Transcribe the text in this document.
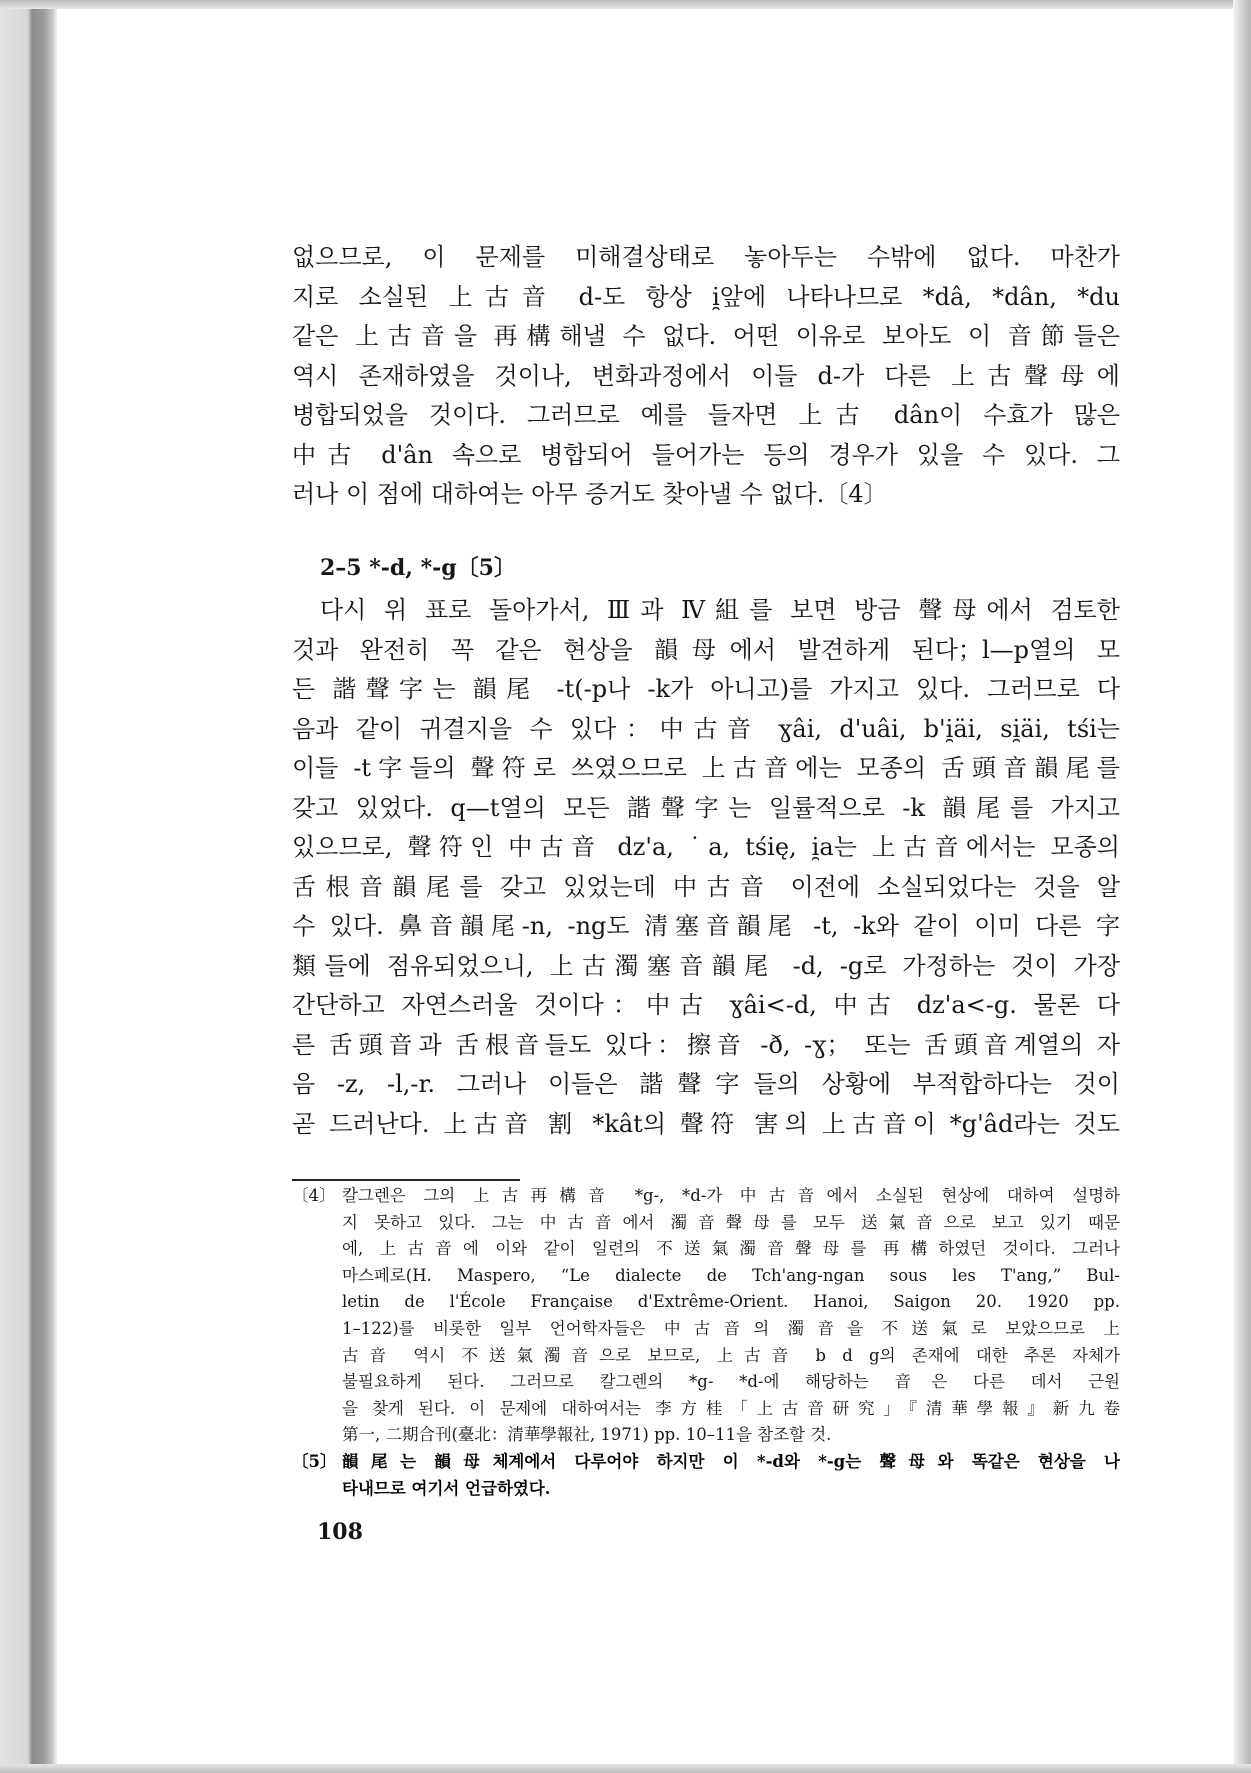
없으므로, 이 문제를 미해결상태로 놓아두는 수밖에 없다. 마찬가
지로 소실된 上古音 d-도 항상 i̯앞에 나타나므로 *dâ, *dân, *du
같은 上古音을 再構해낼 수 없다. 어떤 이유로 보아도 이 音節들은
역시 존재하였을 것이나, 변화과정에서 이들 d-가 다른 上古聲母에
병합되었을 것이다. 그러므로 예를 들자면 上古 dân이 수효가 많은
中古 d'ân 속으로 병합되어 들어가는 등의 경우가 있을 수 있다. 그
러나 이 점에 대하여는 아무 증거도 찾아낼 수 없다.〔4〕
2–5 *-d, *-g〔5〕
다시 위 표로 돌아가서, Ⅲ과 Ⅳ組를 보면 방금 聲母에서 검토한
것과 완전히 꼭 같은 현상을 韻母에서 발견하게 된다；l—p열의 모
든 諧聲字는 韻尾 -t(-p나 -k가 아니고)를 가지고 있다. 그러므로 다
음과 같이 귀결지을 수 있다：中古音 ɣâi, d'uâi, b'i̯äi, si̯äi, tśi는
이들 -t字들의 聲符로 쓰였으므로 上古音에는 모종의 舌頭音韻尾를
갖고 있었다. q—t열의 모든 諧聲字는 일률적으로 -k 韻尾를 가지고
있으므로, 聲符인 中古音 dz'a, ˙a, tśię, i̯a는 上古音에서는 모종의
舌根音韻尾를 갖고 있었는데 中古音 이전에 소실되었다는 것을 알
수 있다. 鼻音韻尾-n, -ng도 清塞音韻尾 -t, -k와 같이 이미 다른 字
類들에 점유되었으니, 上古濁塞音韻尾 -d, -g로 가정하는 것이 가장
간단하고 자연스러울 것이다：中古 ɣâi<-d, 中古 dz'a<-g. 물론 다
른 舌頭音과 舌根音들도 있다：擦音 -ð, -ɣ； 또는 舌頭音계열의 자
음 -z, -l,-r. 그러나 이들은 諧聲字들의 상황에 부적합하다는 것이
곧 드러난다. 上古音 割 *kât의 聲符 害의 上古音이 *g'âd라는 것도
〔4〕 칼그렌은 그의 上古再構音 *g-, *d-가 中古音에서 소실된 현상에 대하여 설명하
지 못하고 있다. 그는 中古音에서 濁音聲母를 모두 送氣音으로 보고 있기 때문
에, 上古音에 이와 같이 일련의 不送氣濁音聲母를 再構하였던 것이다. 그러나
마스페로(H. Maspero, “Le dialecte de Tch'ang-ngan sous les T'ang,” Bul-
letin de l'École Française d'Extrême-Orient. Hanoi, Saigon 20. 1920 pp.
1–122)를 비롯한 일부 언어학자들은 中古音의 濁音을 不送氣로 보았으므로 上
古音 역시 不送氣濁音으로 보므로, 上古音 b d g의 존재에 대한 추론 자체가
불필요하게 된다. 그러므로 칼그렌의 *g- *d-에 해당하는 音은 다른 데서 근원
을 찾게 된다. 이 문제에 대하여서는 李方桂「上古音研究」『清華學報』新九卷
第一, 二期合刊(臺北：清華學報社, 1971) pp. 10–11을 참조할 것.
〔5〕 韻尾는 韻母체계에서 다루어야 하지만 이 *-d와 *-g는 聲母와 똑같은 현상을 나
타내므로 여기서 언급하였다.
108
